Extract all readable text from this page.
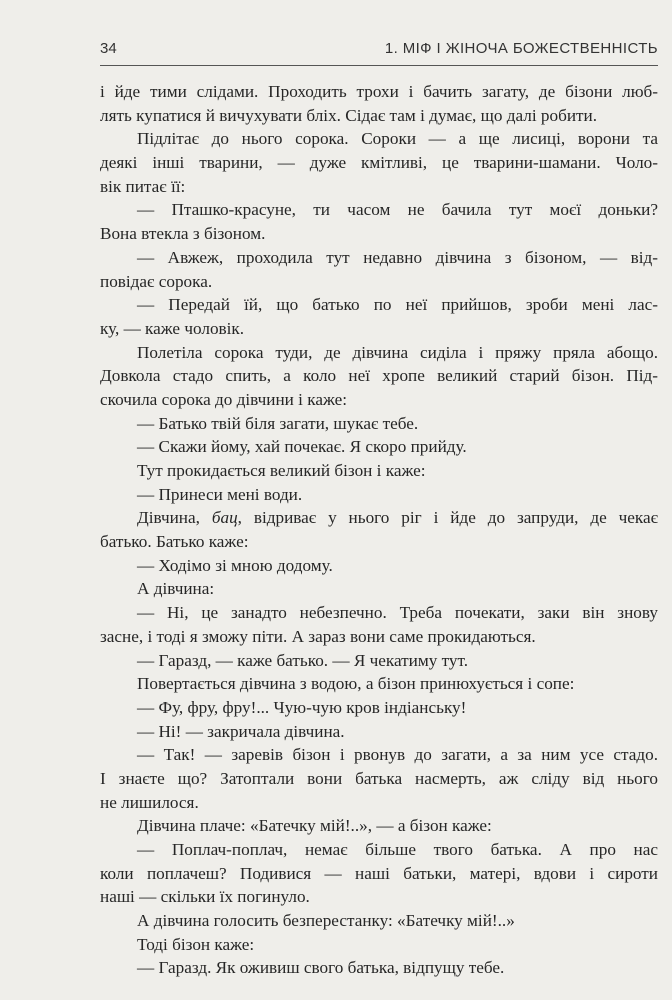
34	1. МІФ І ЖІНОЧА БОЖЕСТВЕННІСТЬ
і йде тими слідами. Проходить трохи і бачить загату, де бізони люб-
лять купатися й вичухувати бліх. Сідає там і думає, що далі робити.
Підлітає до нього сорока. Сороки — а ще лисиці, ворони та
деякі інші тварини, — дуже кмітливі, це тварини-шамани. Чоло-
вік питає її:
— Пташко-красуне, ти часом не бачила тут моєї доньки?
Вона втекла з бізоном.
— Авжеж, проходила тут недавно дівчина з бізоном, — від-
повідає сорока.
— Передай їй, що батько по неї прийшов, зроби мені лас-
ку, — каже чоловік.
Полетіла сорока туди, де дівчина сиділа і пряжу пряла абощо.
Довкола стадо спить, а коло неї хропе великий старий бізон. Під-
скочила сорока до дівчини і каже:
— Батько твій біля загати, шукає тебе.
— Скажи йому, хай почекає. Я скоро прийду.
Тут прокидається великий бізон і каже:
— Принеси мені води.
Дівчина, бац, відриває у нього ріг і йде до запруди, де чекає
батько. Батько каже:
— Ходімо зі мною додому.
А дівчина:
— Ні, це занадто небезпечно. Треба почекати, заки він знову
засне, і тоді я зможу піти. А зараз вони саме прокидаються.
— Гаразд, — каже батько. — Я чекатиму тут.
Повертається дівчина з водою, а бізон принюхується і сопе:
— Фу, фру, фру!... Чую-чую кров індіанську!
— Ні! — закричала дівчина.
— Так! — заревів бізон і рвонув до загати, а за ним усе стадо.
І знаєте що? Затоптали вони батька насмерть, аж сліду від нього
не лишилося.
Дівчина плаче: «Батечку мій!..», — а бізон каже:
— Поплач-поплач, немає більше твого батька. А про нас
коли поплачеш? Подивися — наші батьки, матері, вдови і сироти
наші — скільки їх погинуло.
А дівчина голосить безперестанку: «Батечку мій!..»
Тоді бізон каже:
— Гаразд. Як оживиш свого батька, відпущу тебе.
